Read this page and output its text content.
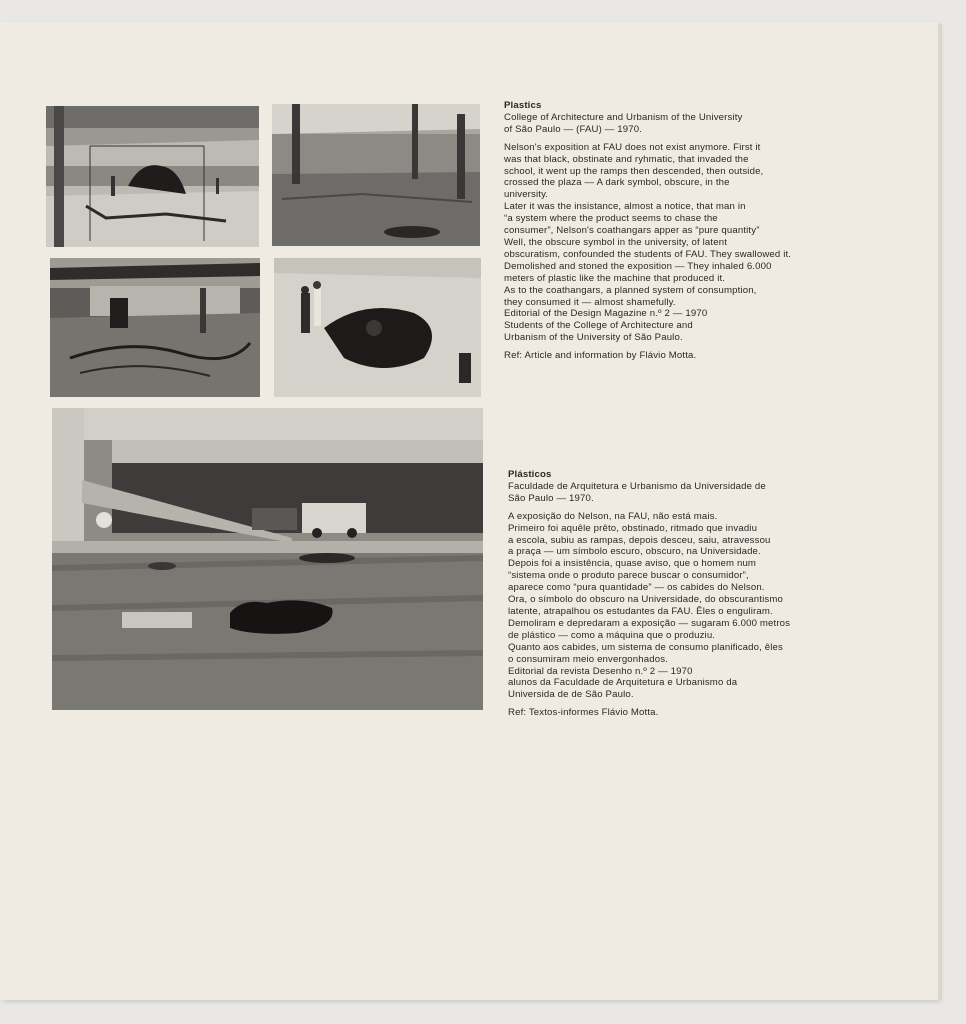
Plastics

College of Architecture and Urbanism of the University

of São Paulo — (FAU) — 1970.

Nelson's exposition at FAU does not exist anymore. First it

was that black, obstinate and ryhmatic, that invaded the

school, it went up the ramps then descended, then outside,

crossed the plaza — A dark symbol, obscure, in the

university.

Later it was the insistance, almost a notice, that man in

“a system where the product seems to chase the

consumer”, Nelson's coathangars apper as “pure quantity”

Well, the obscure symbol in the university, of latent

obscuratism, confounded the students of FAU. They swallowed it.

Demolished and stoned the exposition — They inhaled 6.000

meters of plastic like the machine that produced it.

As to the coathangars, a planned system of consumption,

they consumed it — almost shamefully.

Editorial of the Design Magazine n.º 2 — 1970

Students of the College of Architecture and

Urbanism of the University of São Paulo.

Ref: Article and information by Flávio Motta.

Plásticos

Faculdade de Arquitetura e Urbanismo da Universidade de

São Paulo — 1970.

A exposição do Nelson, na FAU, não está mais.

Primeiro foi aquêle prêto, obstinado, ritmado que invadiu

a escola, subiu as rampas, depois desceu, saiu, atravessou

a praça — um símbolo escuro, obscuro, na Universidade.

Depois foi a insistência, quase aviso, que o homem num

“sistema onde o produto parece buscar o consumidor”,

aparece como “pura quantidade” — os cabides do Nelson.

Ora, o símbolo do obscuro na Universidade, do obscurantismo

latente, atrapalhou os estudantes da FAU. Êles o enguliram.

Demoliram e depredaram a exposição — sugaram 6.000 metros

de plástico — como a máquina que o produziu.

Quanto aos cabides, um sistema de consumo planificado, êles

o consumiram meio envergonhados.

Editorial da revista Desenho n.º 2 — 1970

alunos da Faculdade de Arquitetura e Urbanismo da

Universida de de São Paulo.

Ref: Textos-informes Flávio Motta.
